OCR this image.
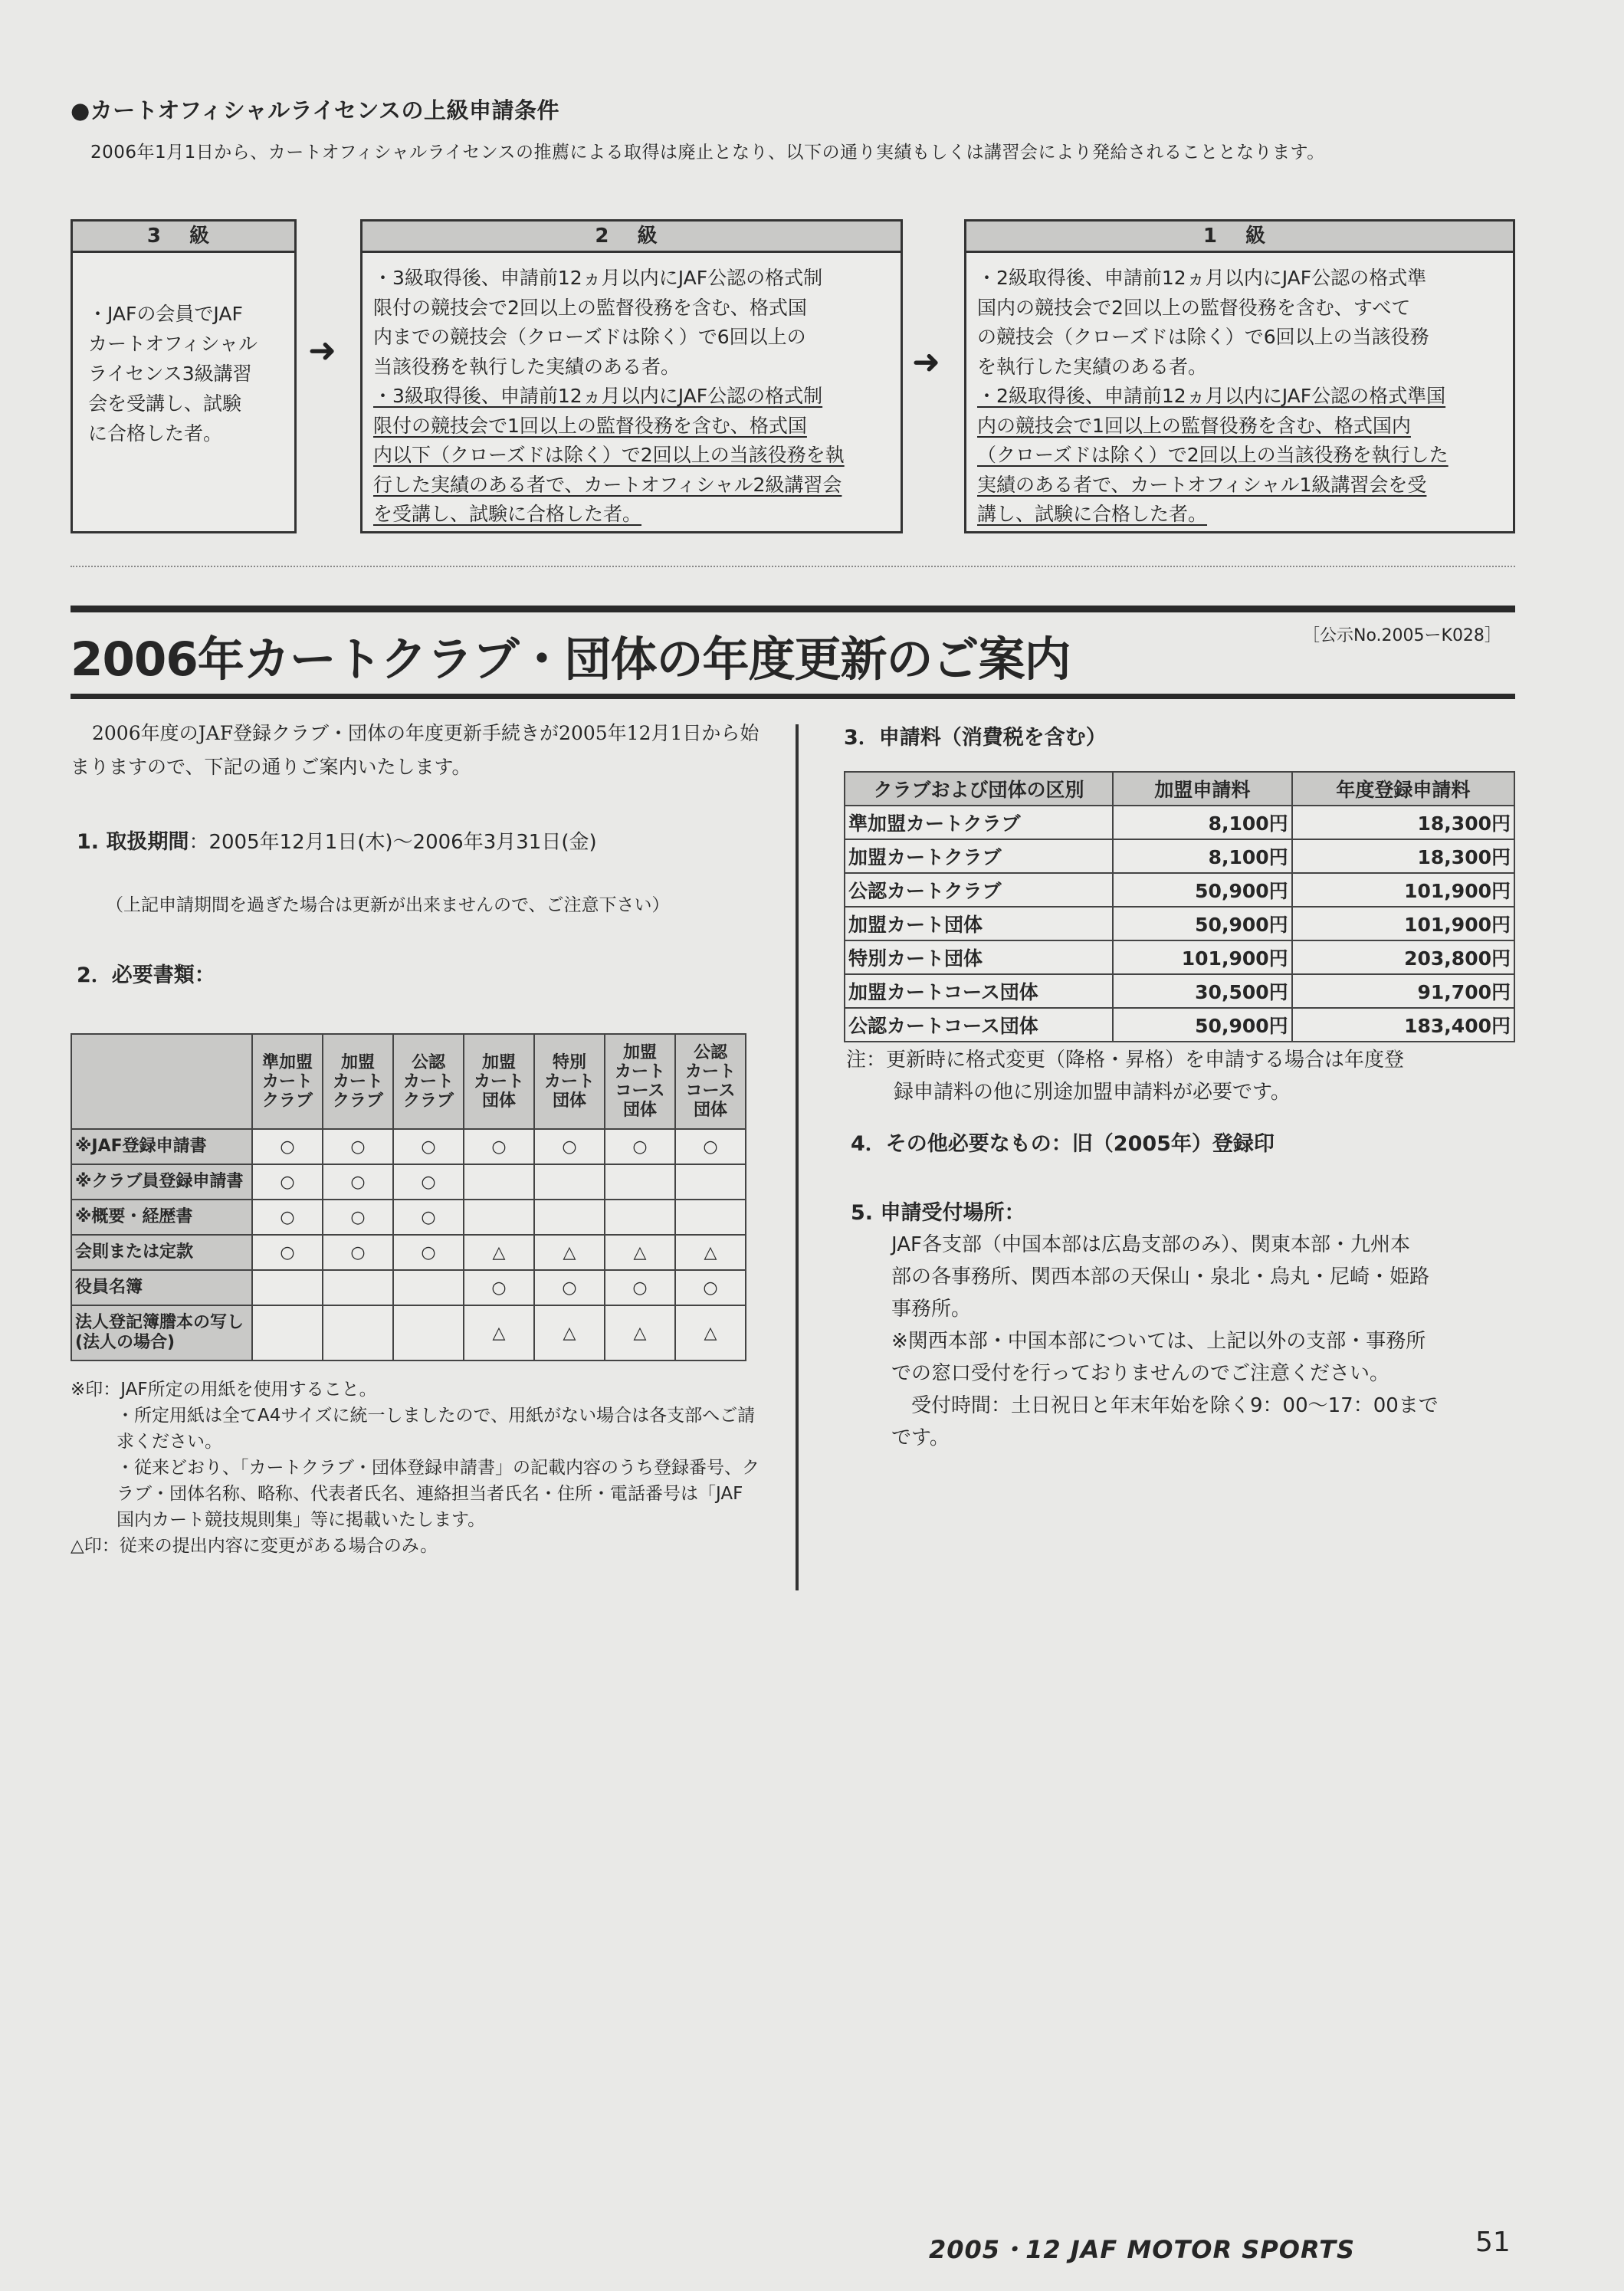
●カートオフィシャルライセンスの上級申請条件
2006年1月1日から、カートオフィシャルライセンスの推薦による取得は廃止となり、以下の通り実績もしくは講習会により発給されることとなります。
3 級
・JAFの会員でJAF
カートオフィシャル
ライセンス3級講習
会を受講し、試験
に合格した者。
➜
2 級
・3級取得後、申請前12ヵ月以内にJAF公認の格式制
限付の競技会で2回以上の監督役務を含む、格式国
内までの競技会（クローズドは除く）で6回以上の
当該役務を執行した実績のある者。
・3級取得後、申請前12ヵ月以内にJAF公認の格式制
限付の競技会で1回以上の監督役務を含む、格式国
内以下（クローズドは除く）で2回以上の当該役務を執
行した実績のある者で、カートオフィシャル2級講習会
を受講し、試験に合格した者。
➜
1 級
・2級取得後、申請前12ヵ月以内にJAF公認の格式準
国内の競技会で2回以上の監督役務を含む、すべて
の競技会（クローズドは除く）で6回以上の当該役務
を執行した実績のある者。
・2級取得後、申請前12ヵ月以内にJAF公認の格式準国
内の競技会で1回以上の監督役務を含む、格式国内
（クローズドは除く）で2回以上の当該役務を執行した
実績のある者で、カートオフィシャル1級講習会を受
講し、試験に合格した者。
2006年カートクラブ・団体の年度更新のご案内	［公示No.2005ーK028］
2006年度のJAF登録クラブ・団体の年度更新手続きが2005年12月1日から始まりますので、下記の通りご案内いたします。
1. 取扱期間：2005年12月1日(木)～2006年3月31日(金)
（上記申請期間を過ぎた場合は更新が出来ませんので、ご注意下さい）
2．必要書類：
	準加盟
カート
クラブ	加盟
カート
クラブ	公認
カート
クラブ	加盟
カート
団体	特別
カート
団体	加盟
カート
コース
団体	公認
カート
コース
団体
※JAF登録申請書	○	○	○	○	○	○	○
※クラブ員登録申請書	○	○	○				
※概要・経歴書	○	○	○				
会則または定款	○	○	○	△	△	△	△
役員名簿				○	○	○	○
法人登記簿謄本の写し
(法人の場合)				△	△	△	△
※印：JAF所定の用紙を使用すること。
・所定用紙は全てA4サイズに統一しましたので、用紙がない場合は各支部へご請求ください。
・従来どおり、「カートクラブ・団体登録申請書」の記載内容のうち登録番号、クラブ・団体名称、略称、代表者氏名、連絡担当者氏名・住所・電話番号は「JAF国内カート競技規則集」等に掲載いたします。
△印：従来の提出内容に変更がある場合のみ。
3．申請料（消費税を含む）
クラブおよび団体の区別	加盟申請料	年度登録申請料
準加盟カートクラブ	8,100円	18,300円
加盟カートクラブ	8,100円	18,300円
公認カートクラブ	50,900円	101,900円
加盟カート団体	50,900円	101,900円
特別カート団体	101,900円	203,800円
加盟カートコース団体	30,500円	91,700円
公認カートコース団体	50,900円	183,400円
注：更新時に格式変更（降格・昇格）を申請する場合は年度登
録申請料の他に別途加盟申請料が必要です。
4．その他必要なもの：旧（2005年）登録印
5. 申請受付場所：
JAF各支部（中国本部は広島支部のみ）、関東本部・九州本
部の各事務所、関西本部の天保山・泉北・烏丸・尼崎・姫路
事務所。
※関西本部・中国本部については、上記以外の支部・事務所
での窓口受付を行っておりませんのでご注意ください。
　受付時間：土日祝日と年末年始を除く9：00～17：00まで
です。
2005・12 JAF MOTOR SPORTS	51
